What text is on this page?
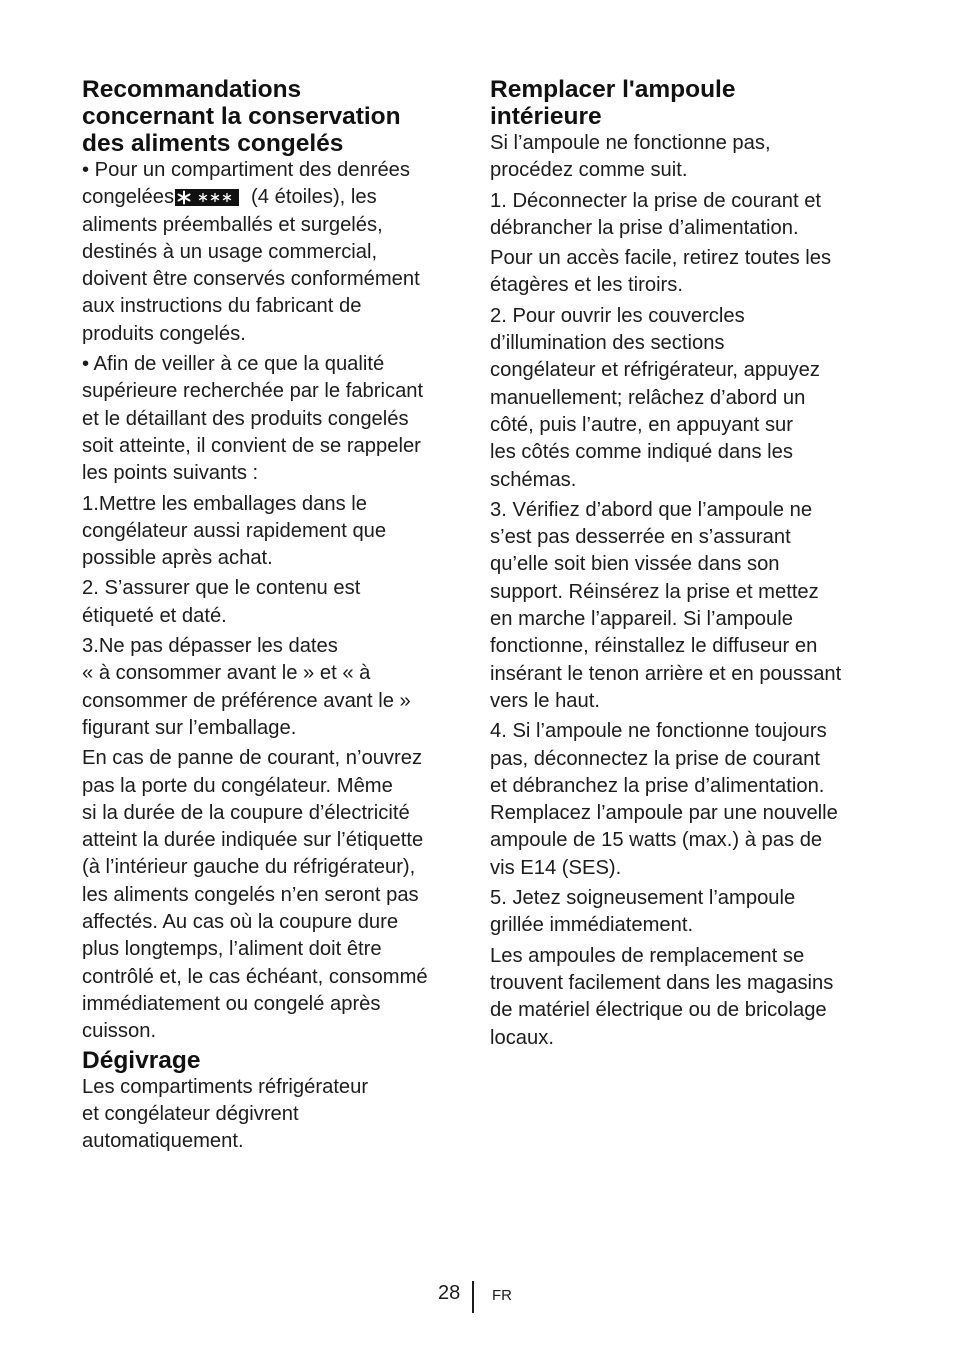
Recommandations
concernant la conservation
des aliments congelés
• Pour un compartiment des denrées
congelées	(4 étoiles), les
aliments préemballés et surgelés,
destinés à un usage commercial,
doivent être conservés conformément
aux instructions du fabricant de
produits congelés.
• Afin de veiller à ce que la qualité
supérieure recherchée par le fabricant
et le détaillant des produits congelés
soit atteinte, il convient de se rappeler
les points suivants :
1.Mettre les emballages dans le
congélateur aussi rapidement que
possible après achat.
2. S’assurer que le contenu est
étiqueté et daté.
3.Ne pas dépasser les dates
« à consommer avant le » et « à
consommer de préférence avant le »
figurant sur l’emballage.
En cas de panne de courant, n’ouvrez
pas la porte du congélateur. Même
si la durée de la coupure d’électricité
atteint la durée indiquée sur l’étiquette
(à l’intérieur gauche du réfrigérateur),
les aliments congelés n’en seront pas
affectés. Au cas où la coupure dure
plus longtemps, l’aliment doit être
contrôlé et, le cas échéant, consommé
immédiatement ou congelé après
cuisson.
Dégivrage
Les compartiments réfrigérateur
et congélateur dégivrent
automatiquement.
Remplacer l'ampoule
intérieure
Si l’ampoule ne fonctionne pas,
procédez comme suit.
1. Déconnecter la prise de courant et
débrancher la prise d’alimentation.
Pour un accès facile, retirez toutes les
étagères et les tiroirs.
2. Pour ouvrir les couvercles
d’illumination des sections
congélateur et réfrigérateur, appuyez
manuellement; relâchez d’abord un
côté, puis l’autre, en appuyant sur
les côtés comme indiqué dans les
schémas.
3. Vérifiez d’abord que l’ampoule ne
s’est pas desserrée en s’assurant
qu’elle soit bien vissée dans son
support. Réinsérez la prise et mettez
en marche l’appareil. Si l’ampoule
fonctionne, réinstallez le diffuseur en
insérant le tenon arrière et en poussant
vers le haut.
4. Si l’ampoule ne fonctionne toujours
pas, déconnectez la prise de courant
et débranchez la prise d’alimentation.
Remplacez l’ampoule par une nouvelle
ampoule de 15 watts (max.) à pas de
vis E14 (SES).
5. Jetez soigneusement l’ampoule
grillée immédiatement.
Les ampoules de remplacement se
trouvent facilement dans les magasins
de matériel électrique ou de bricolage
locaux.
28 FR
